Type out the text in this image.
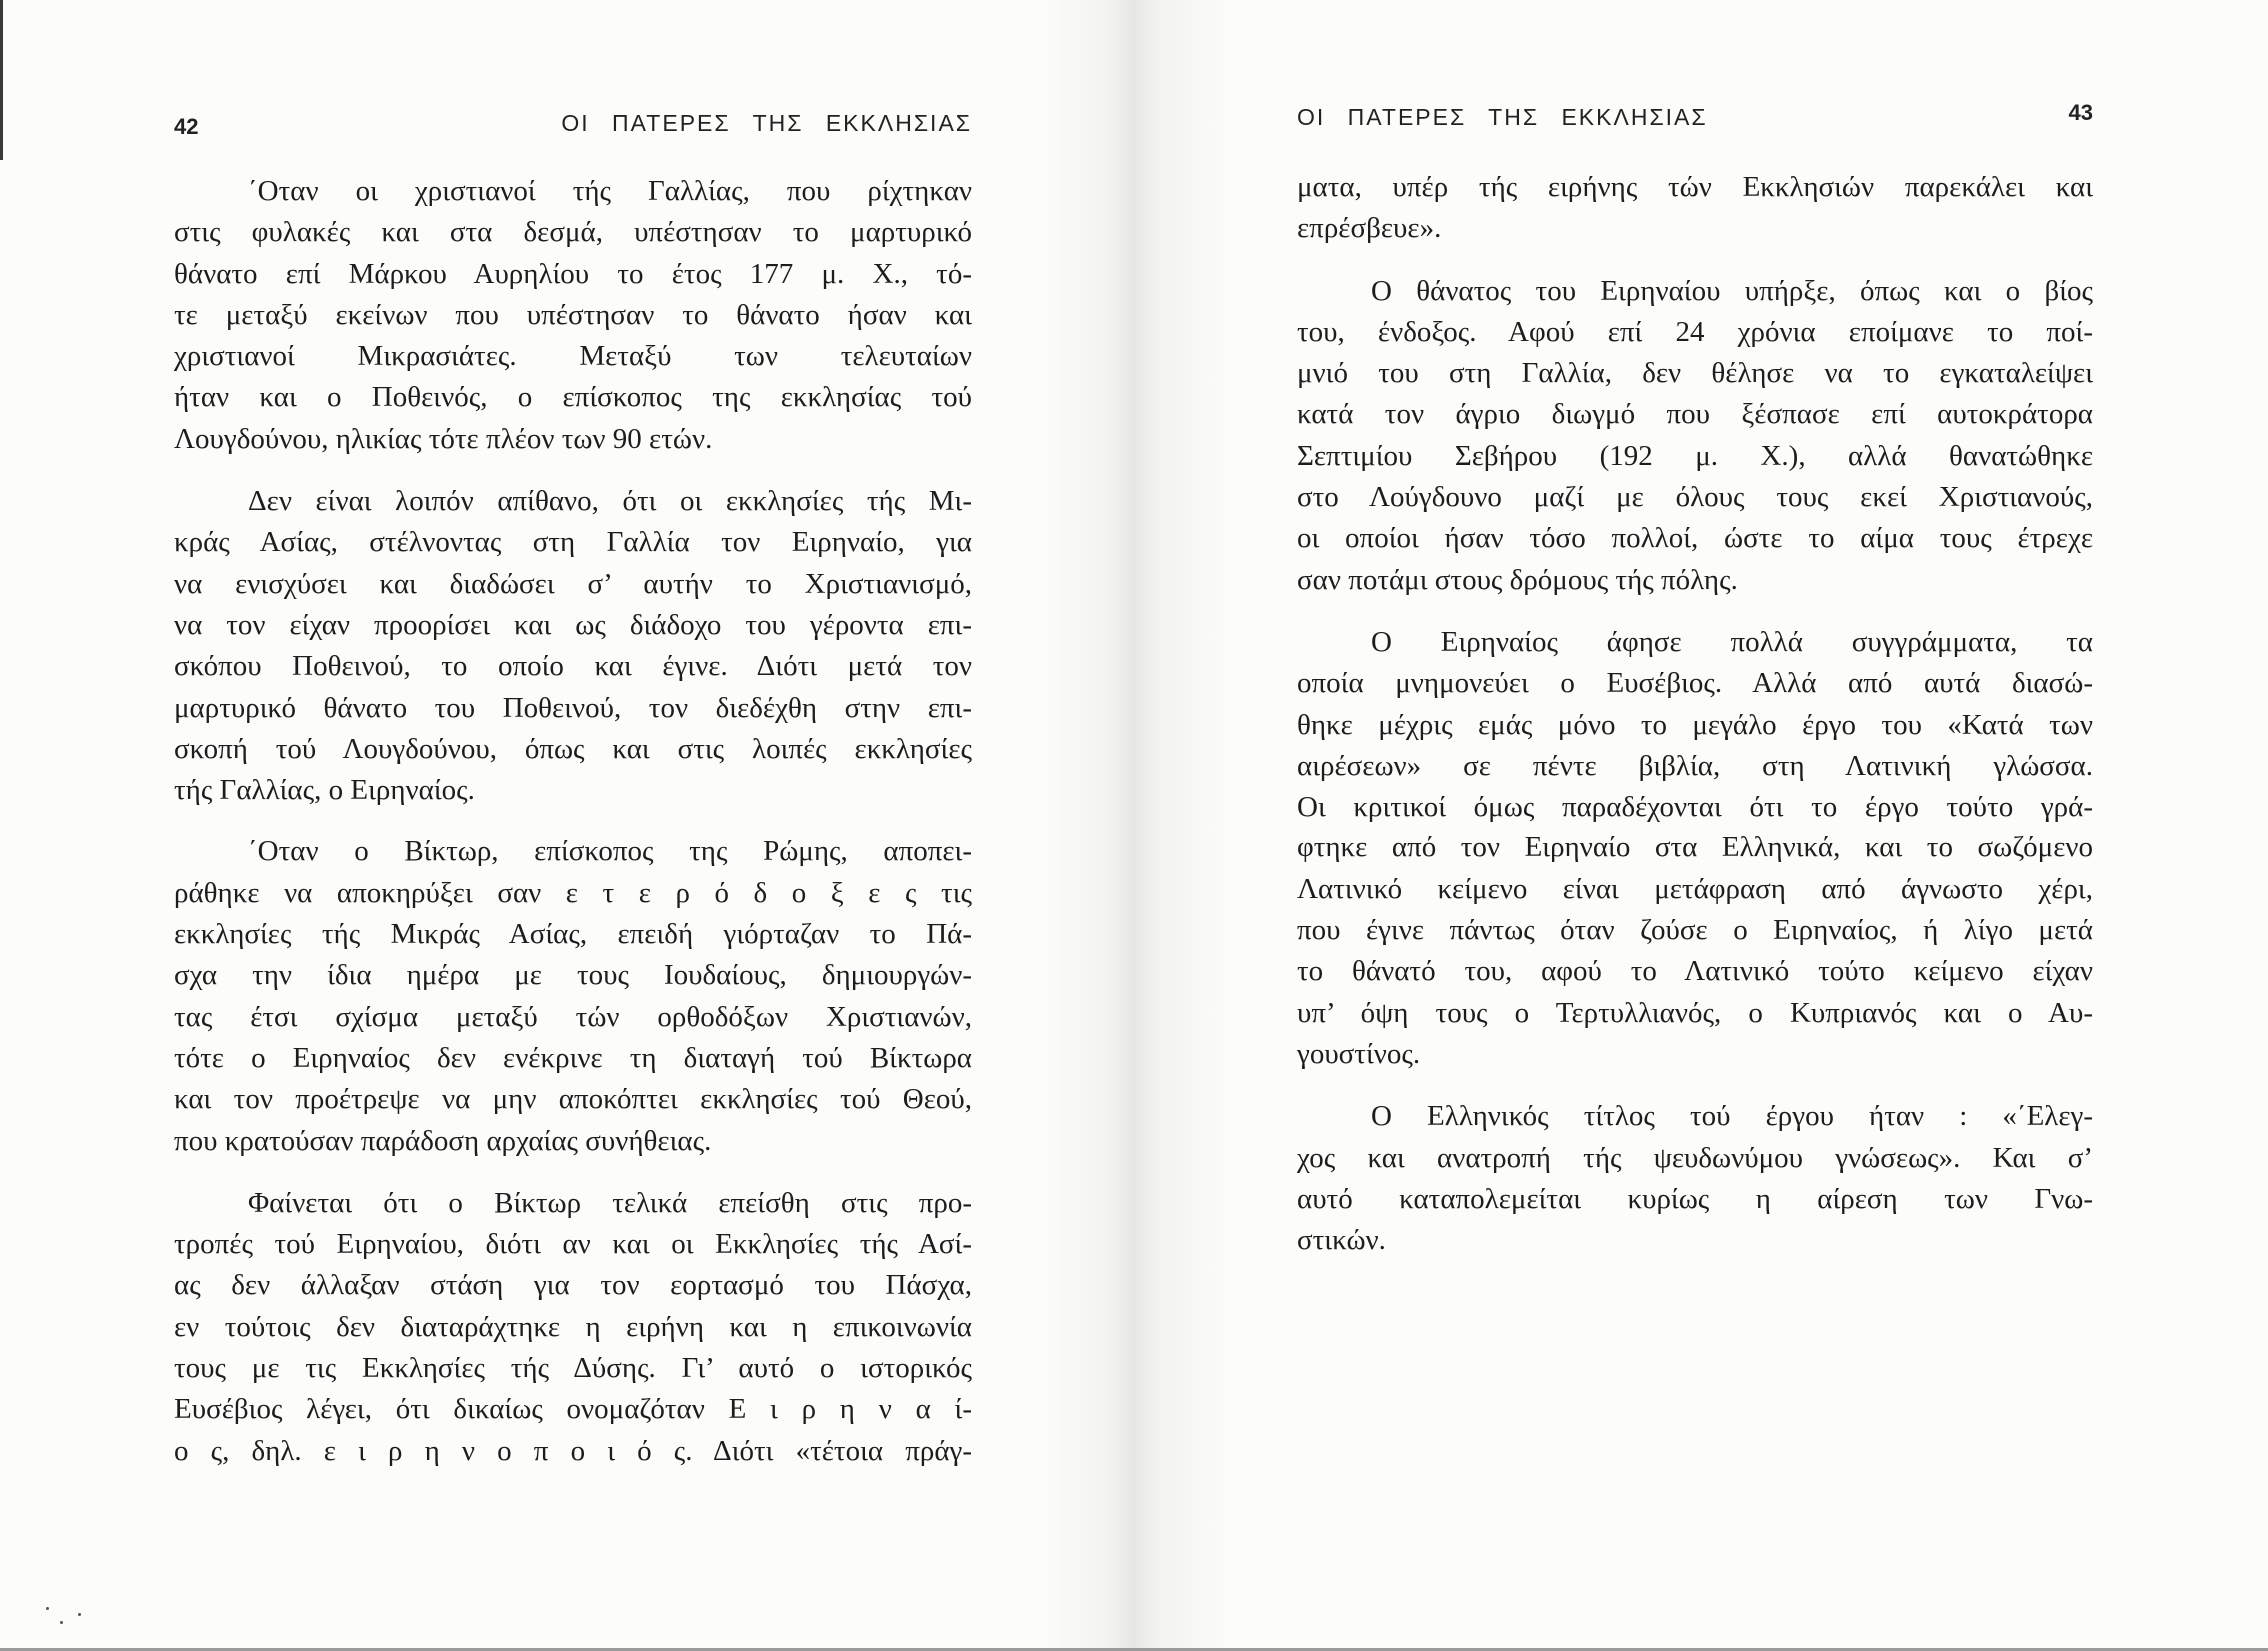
42	ΟΙ ΠΑΤΕΡΕΣ ΤΗΣ ΕΚΚΛΗΣΙΑΣ
΄Οταν οι χριστιανοί τής Γαλλίας, που ρίχτηκαν
στις φυλακές και στα δεσμά, υπέστησαν το μαρτυρικό
θάνατο επί Μάρκου Αυρηλίου το έτος 177 μ. Χ., τό-
τε μεταξύ εκείνων που υπέστησαν το θάνατο ήσαν και
χριστιανοί Μικρασιάτες. Μεταξύ των τελευταίων
ήταν και ο Ποθεινός, ο επίσκοπος της εκκλησίας τού
Λουγδούνου, ηλικίας τότε πλέον των 90 ετών.
Δεν είναι λοιπόν απίθανο, ότι οι εκκλησίες τής Μι-
κράς Ασίας, στέλνοντας στη Γαλλία τον Ειρηναίο, για
να ενισχύσει και διαδώσει σ’ αυτήν το Χριστιανισμό,
να τον είχαν προορίσει και ως διάδοχο του γέροντα επι-
σκόπου Ποθεινού, το οποίο και έγινε. Διότι μετά τον
μαρτυρικό θάνατο του Ποθεινού, τον διεδέχθη στην επι-
σκοπή τού Λουγδούνου, όπως και στις λοιπές εκκλησίες
τής Γαλλίας, ο Ειρηναίος.
΄Οταν ο Βίκτωρ, επίσκοπος της Ρώμης, αποπει-
ράθηκε να αποκηρύξει σαν ε τ ε ρ ό δ ο ξ ε ς τις
εκκλησίες τής Μικράς Ασίας, επειδή γιόρταζαν το Πά-
σχα την ίδια ημέρα με τους Ιουδαίους, δημιουργών-
τας έτσι σχίσμα μεταξύ τών ορθοδόξων Χριστιανών,
τότε ο Ειρηναίος δεν ενέκρινε τη διαταγή τού Βίκτωρα
και τον προέτρεψε να μην αποκόπτει εκκλησίες τού Θεού,
που κρατούσαν παράδοση αρχαίας συνήθειας.
Φαίνεται ότι ο Βίκτωρ τελικά επείσθη στις προ-
τροπές τού Ειρηναίου, διότι αν και οι Εκκλησίες τής Ασί-
ας δεν άλλαξαν στάση για τον εορτασμό του Πάσχα,
εν τούτοις δεν διαταράχτηκε η ειρήνη και η επικοινωνία
τους με τις Εκκλησίες τής Δύσης. Γι’ αυτό ο ιστορικός
Ευσέβιος λέγει, ότι δικαίως ονομαζόταν Ε ι ρ η ν α ί-
ο ς, δηλ. ε ι ρ η ν ο π ο ι ό ς. Διότι «τέτοια πράγ-
ΟΙ ΠΑΤΕΡΕΣ ΤΗΣ ΕΚΚΛΗΣΙΑΣ	43
ματα, υπέρ τής ειρήνης τών Εκκλησιών παρεκάλει και
επρέσβευε».
Ο θάνατος του Ειρηναίου υπήρξε, όπως και ο βίος
του, ένδοξος. Αφού επί 24 χρόνια εποίμανε το ποί-
μνιό του στη Γαλλία, δεν θέλησε να το εγκαταλείψει
κατά τον άγριο διωγμό που ξέσπασε επί αυτοκράτορα
Σεπτιμίου Σεβήρου (192 μ. Χ.), αλλά θανατώθηκε
στο Λούγδουνο μαζί με όλους τους εκεί Χριστιανούς,
οι οποίοι ήσαν τόσο πολλοί, ώστε το αίμα τους έτρεχε
σαν ποτάμι στους δρόμους τής πόλης.
Ο Ειρηναίος άφησε πολλά συγγράμματα, τα
οποία μνημονεύει ο Ευσέβιος. Αλλά από αυτά διασώ-
θηκε μέχρις εμάς μόνο το μεγάλο έργο του «Κατά των
αιρέσεων» σε πέντε βιβλία, στη Λατινική γλώσσα.
Οι κριτικοί όμως παραδέχονται ότι το έργο τούτο γρά-
φτηκε από τον Ειρηναίο στα Ελληνικά, και το σωζόμενο
Λατινικό κείμενο είναι μετάφραση από άγνωστο χέρι,
που έγινε πάντως όταν ζούσε ο Ειρηναίος, ή λίγο μετά
το θάνατό του, αφού το Λατινικό τούτο κείμενο είχαν
υπ’ όψη τους ο Τερτυλλιανός, ο Κυπριανός και ο Αυ-
γουστίνος.
Ο Ελληνικός τίτλος τού έργου ήταν : «΄Ελεγ-
χος και ανατροπή τής ψευδωνύμου γνώσεως». Και σ’
αυτό καταπολεμείται κυρίως η αίρεση των Γνω-
στικών.
